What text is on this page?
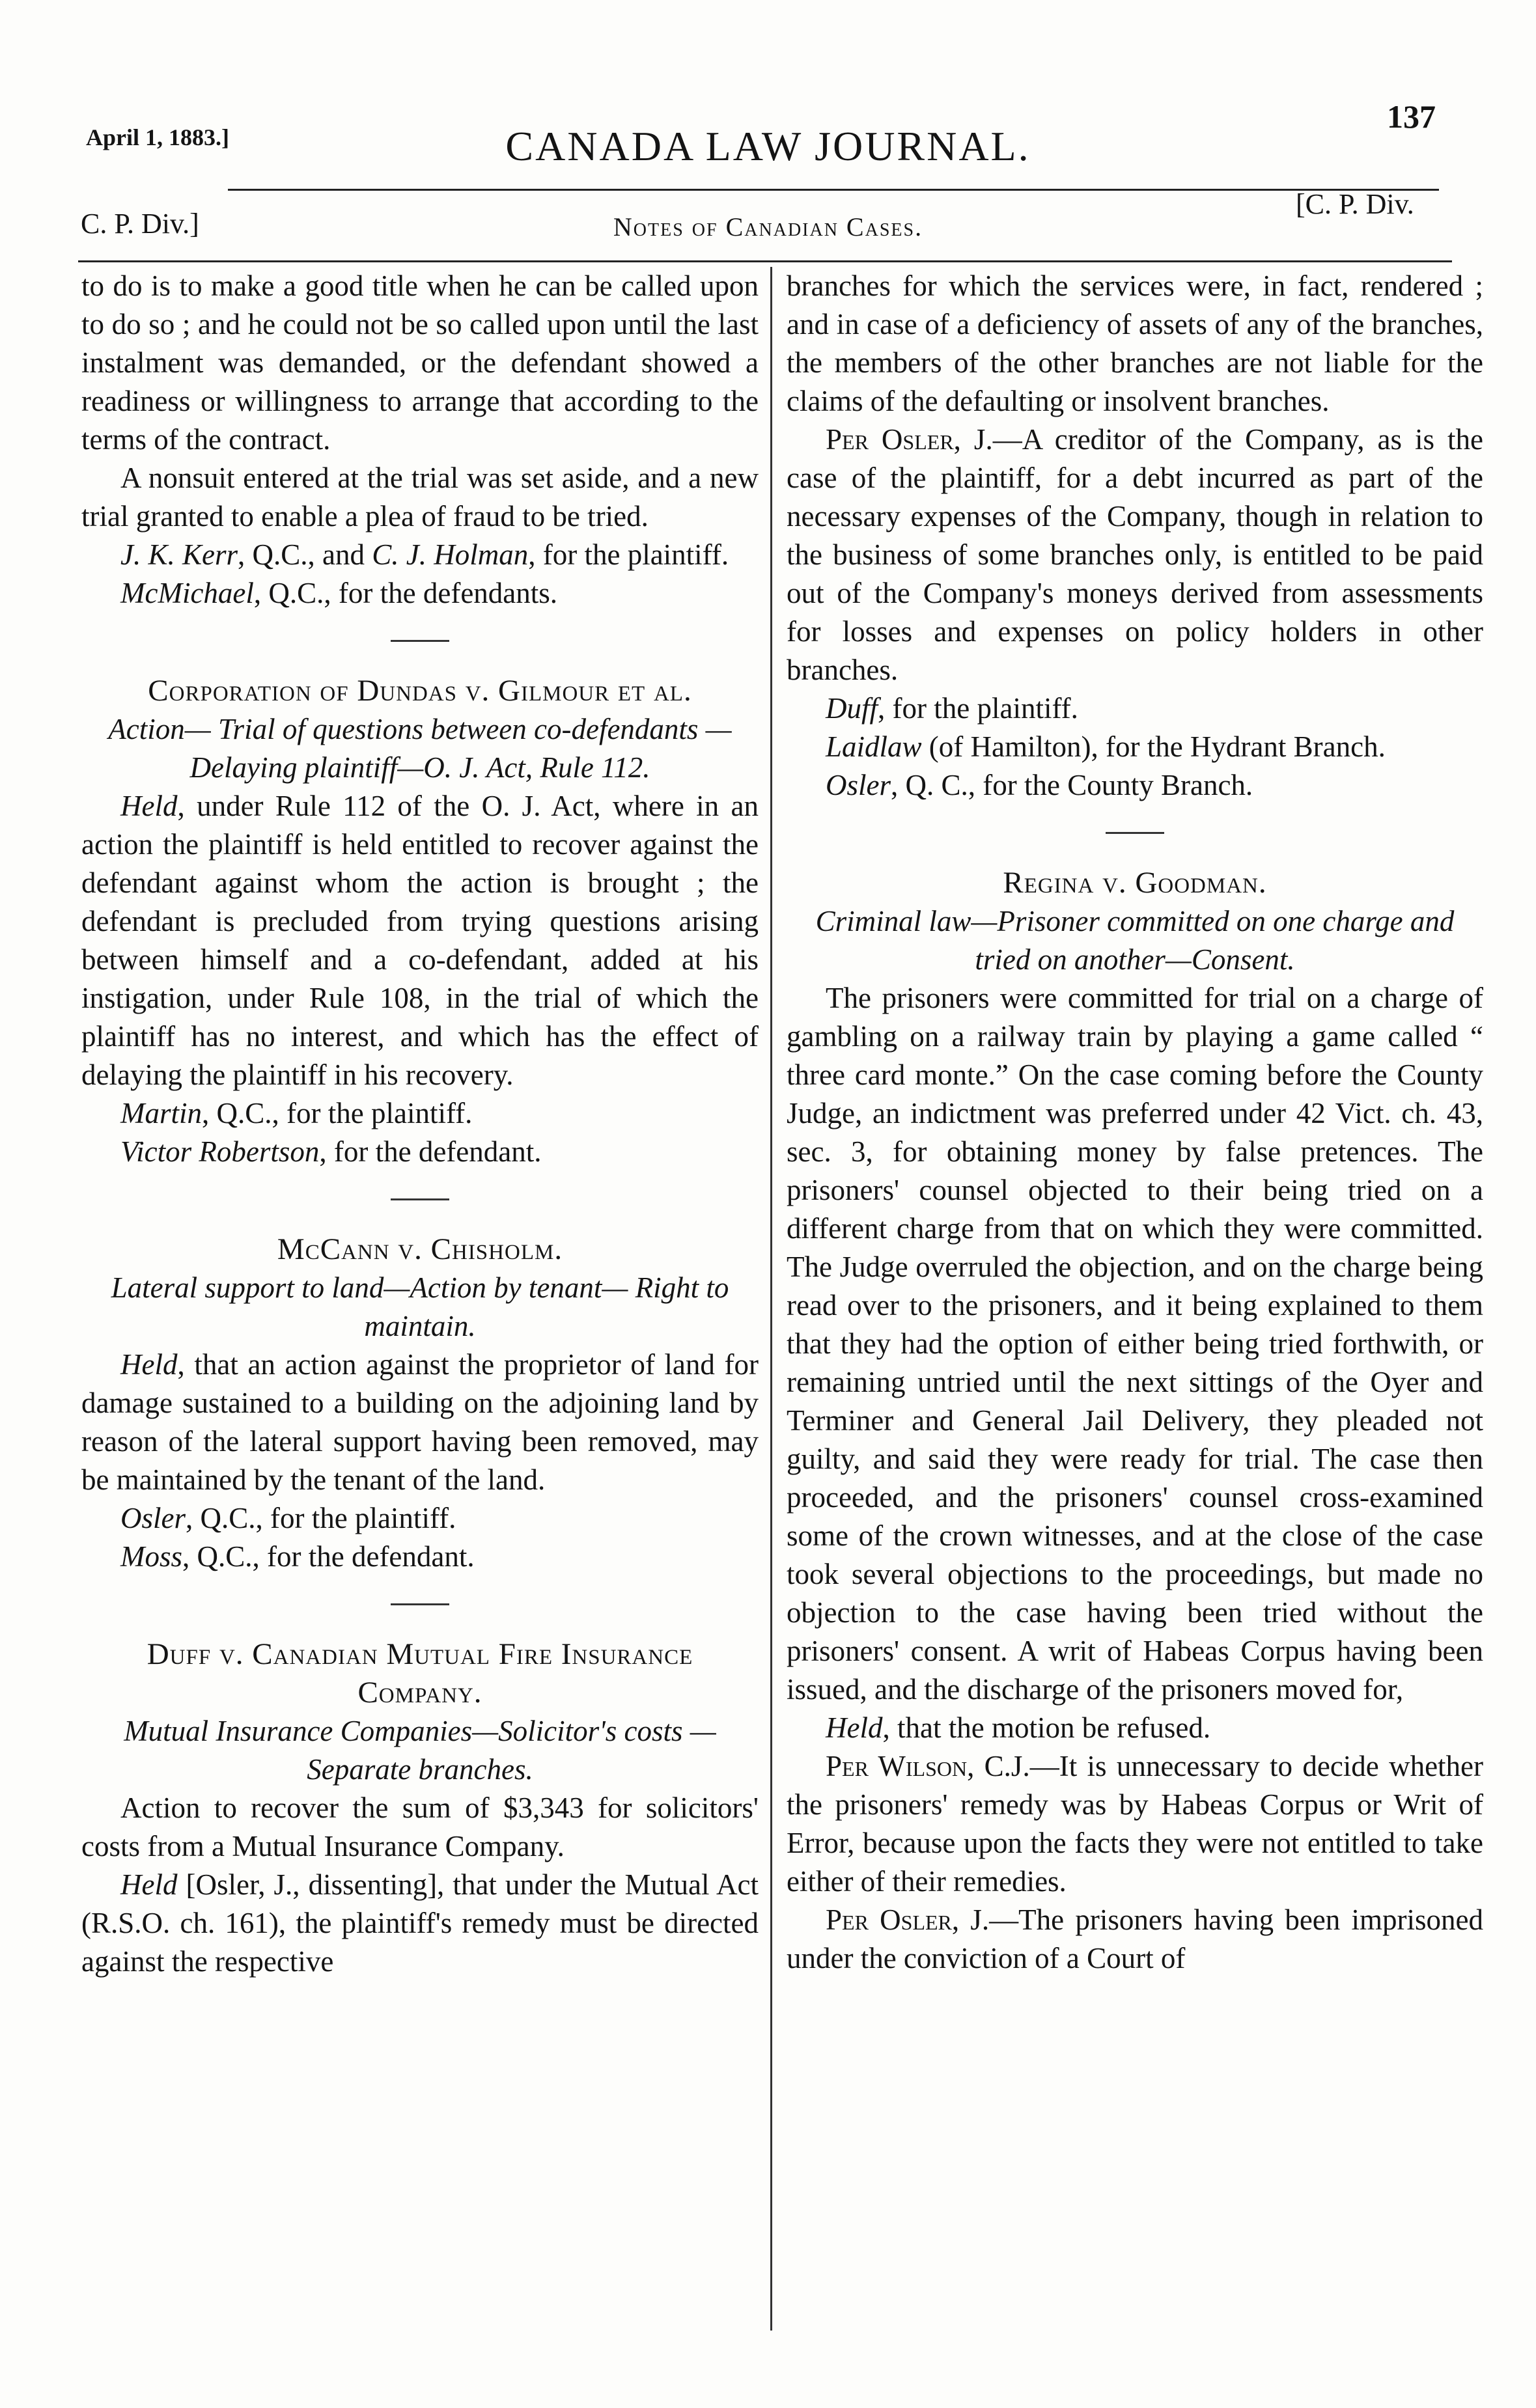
April 1, 1883.]	CANADA LAW JOURNAL.
137
C. P. Div.]	Notes of Canadian Cases.
[C. P. Div.

to do is to make a good title when he can be called upon to do so ; and he could not be so called upon until the last instalment was demanded, or the defendant showed a readiness or willingness to arrange that according to the terms of the contract.

A nonsuit entered at the trial was set aside, and a new trial granted to enable a plea of fraud to be tried.

J. K. Kerr, Q.C., and C. J. Holman, for the plaintiff.

McMichael, Q.C., for the defendants.

Corporation of Dundas v. Gilmour et al.

Action— Trial of questions between co-defendants —Delaying plaintiff—O. J. Act, Rule 112.

Held, under Rule 112 of the O. J. Act, where in an action the plaintiff is held entitled to recover against the defendant against whom the action is brought ; the defendant is precluded from trying questions arising between himself and a co-defendant, added at his instigation, under Rule 108, in the trial of which the plaintiff has no interest, and which has the effect of delaying the plaintiff in his recovery.

Martin, Q.C., for the plaintiff.

Victor Robertson, for the defendant.

McCann v. Chisholm.

Lateral support to land—Action by tenant— Right to maintain.

Held, that an action against the proprietor of land for damage sustained to a building on the adjoining land by reason of the lateral support having been removed, may be maintained by the tenant of the land.

Osler, Q.C., for the plaintiff.

Moss, Q.C., for the defendant.

Duff v. Canadian Mutual Fire Insurance Company.

Mutual Insurance Companies—Solicitor's costs —Separate branches.

Action to recover the sum of $3,343 for solicitors' costs from a Mutual Insurance Company.

Held [Osler, J., dissenting], that under the Mutual Act (R.S.O. ch. 161), the plaintiff's remedy must be directed against the respective

branches for which the services were, in fact, rendered ; and in case of a deficiency of assets of any of the branches, the members of the other branches are not liable for the claims of the defaulting or insolvent branches.

Per Osler, J.—A creditor of the Company, as is the case of the plaintiff, for a debt incurred as part of the necessary expenses of the Company, though in relation to the business of some branches only, is entitled to be paid out of the Company's moneys derived from assessments for losses and expenses on policy holders in other branches.

Duff, for the plaintiff.

Laidlaw (of Hamilton), for the Hydrant Branch.

Osler, Q. C., for the County Branch.

Regina v. Goodman.

Criminal law—Prisoner committed on one charge and tried on another—Consent.

The prisoners were committed for trial on a charge of gambling on a railway train by playing a game called “ three card monte.” On the case coming before the County Judge, an indictment was preferred under 42 Vict. ch. 43, sec. 3, for obtaining money by false pretences. The prisoners' counsel objected to their being tried on a different charge from that on which they were committed. The Judge overruled the objection, and on the charge being read over to the prisoners, and it being explained to them that they had the option of either being tried forthwith, or remaining untried until the next sittings of the Oyer and Terminer and General Jail Delivery, they pleaded not guilty, and said they were ready for trial. The case then proceeded, and the prisoners' counsel cross-examined some of the crown witnesses, and at the close of the case took several objections to the proceedings, but made no objection to the case having been tried without the prisoners' consent. A writ of Habeas Corpus having been issued, and the discharge of the prisoners moved for,

Held, that the motion be refused.

Per Wilson, C.J.—It is unnecessary to decide whether the prisoners' remedy was by Habeas Corpus or Writ of Error, because upon the facts they were not entitled to take either of their remedies.

Per Osler, J.—The prisoners having been imprisoned under the conviction of a Court of
